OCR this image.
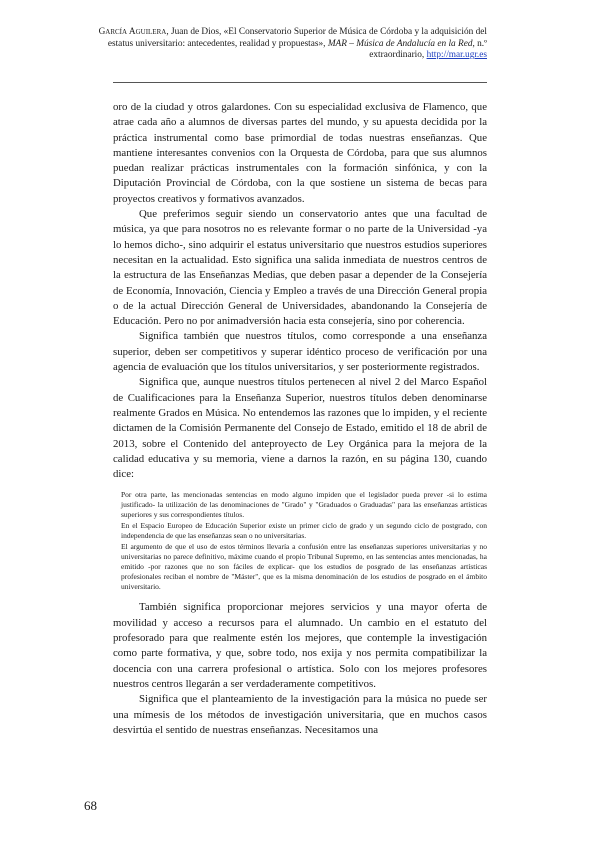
García Aguilera, Juan de Dios, «El Conservatorio Superior de Música de Córdoba y la adquisición del estatus universitario: antecedentes, realidad y propuestas», MAR – Música de Andalucía en la Red, n.º extraordinario, http://mar.ugr.es

oro de la ciudad y otros galardones. Con su especialidad exclusiva de Flamenco, que atrae cada año a alumnos de diversas partes del mundo, y su apuesta decidida por la práctica instrumental como base primordial de todas nuestras enseñanzas. Que mantiene interesantes convenios con la Orquesta de Córdoba, para que sus alumnos puedan realizar prácticas instrumentales con la formación sinfónica, y con la Diputación Provincial de Córdoba, con la que sostiene un sistema de becas para proyectos creativos y formativos avanzados.

Que preferimos seguir siendo un conservatorio antes que una facultad de música, ya que para nosotros no es relevante formar o no parte de la Universidad -ya lo hemos dicho-, sino adquirir el estatus universitario que nuestros estudios superiores necesitan en la actualidad. Esto significa una salida inmediata de nuestros centros de la estructura de las Enseñanzas Medias, que deben pasar a depender de la Consejería de Economía, Innovación, Ciencia y Empleo a través de una Dirección General propia o de la actual Dirección General de Universidades, abandonando la Consejería de Educación. Pero no por animadversión hacia esta consejería, sino por coherencia.

Significa también que nuestros títulos, como corresponde a una enseñanza superior, deben ser competitivos y superar idéntico proceso de verificación por una agencia de evaluación que los títulos universitarios, y ser posteriormente registrados.

Significa que, aunque nuestros títulos pertenecen al nivel 2 del Marco Español de Cualificaciones para la Enseñanza Superior, nuestros títulos deben denominarse realmente Grados en Música. No entendemos las razones que lo impiden, y el reciente dictamen de la Comisión Permanente del Consejo de Estado, emitido el 18 de abril de 2013, sobre el Contenido del anteproyecto de Ley Orgánica para la mejora de la calidad educativa y su memoria, viene a darnos la razón, en su página 130, cuando dice:

Por otra parte, las mencionadas sentencias en modo alguno impiden que el legislador pueda prever -si lo estima justificado- la utilización de las denominaciones de "Grado" y "Graduados o Graduadas" para las enseñanzas artísticas superiores y sus correspondientes títulos.

En el Espacio Europeo de Educación Superior existe un primer ciclo de grado y un segundo ciclo de postgrado, con independencia de que las enseñanzas sean o no universitarias.

El argumento de que el uso de estos términos llevaría a confusión entre las enseñanzas superiores universitarias y no universitarias no parece definitivo, máxime cuando el propio Tribunal Supremo, en las sentencias antes mencionadas, ha emitido -por razones que no son fáciles de explicar- que los estudios de posgrado de las enseñanzas artísticas profesionales reciban el nombre de "Máster", que es la misma denominación de los estudios de posgrado en el ámbito universitario.

También significa proporcionar mejores servicios y una mayor oferta de movilidad y acceso a recursos para el alumnado. Un cambio en el estatuto del profesorado para que realmente estén los mejores, que contemple la investigación como parte formativa, y que, sobre todo, nos exija y nos permita compatibilizar la docencia con una carrera profesional o artística. Solo con los mejores profesores nuestros centros llegarán a ser verdaderamente competitivos.

Significa que el planteamiento de la investigación para la música no puede ser una mímesis de los métodos de investigación universitaria, que en muchos casos desvirtúa el sentido de nuestras enseñanzas. Necesitamos una

68
